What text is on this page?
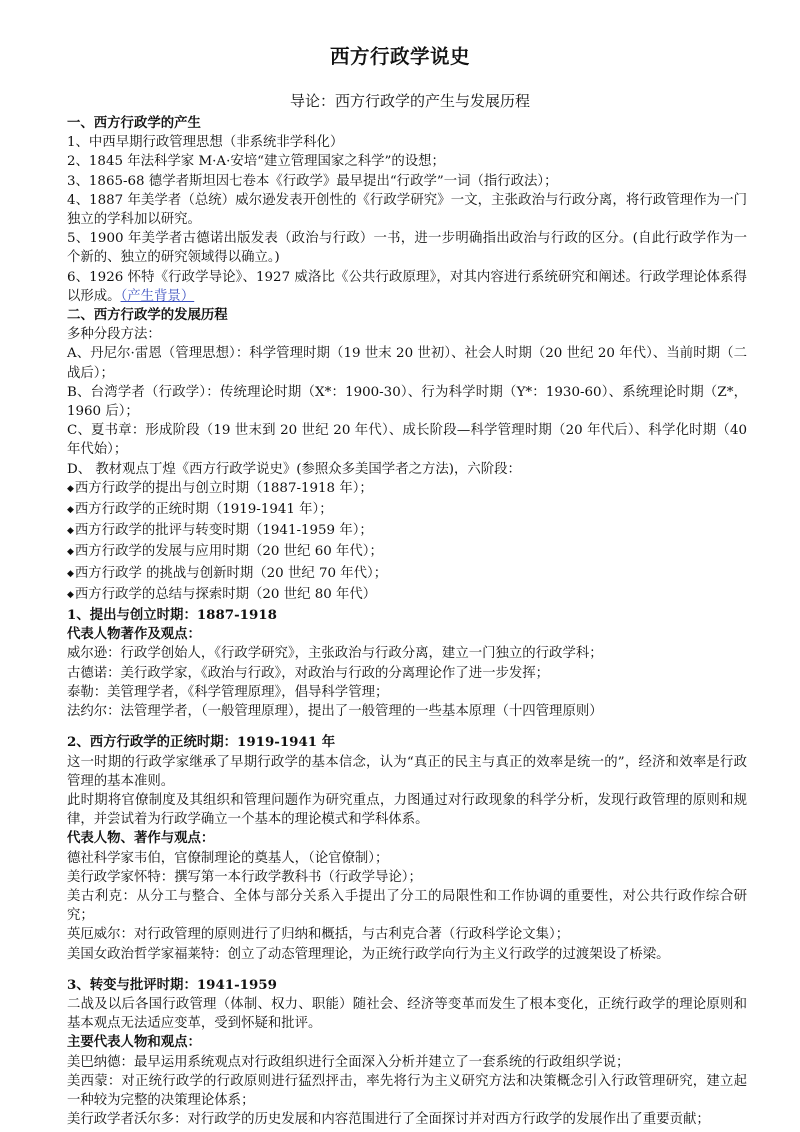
西方行政学说史
导论：西方行政学的产生与发展历程

一、西方行政学的产生

1、中西早期行政管理思想（非系统非学科化）

2、1845 年法科学家 M·A·安培“建立管理国家之科学”的设想；

3、1865-68 德学者斯坦因七卷本《行政学》最早提出“行政学”一词（指行政法）；

4、1887 年美学者（总统）威尔逊发表开创性的《行政学研究》一文，主张政治与行政分离，将行政管理作为一门独立的学科加以研究。

5、1900 年美学者古德诺出版发表（政治与行政）一书，进一步明确指出政治与行政的区分。(自此行政学作为一个新的、独立的研究领域得以确立。)

6、1926 怀特《行政学导论》、1927 威洛比《公共行政原理》，对其内容进行系统研究和阐述。行政学理论体系得以形成。（产生背景）

二、西方行政学的发展历程

多种分段方法：

A、丹尼尔·雷恩（管理思想）：科学管理时期（19 世末 20 世初）、社会人时期（20 世纪 20 年代）、当前时期（二战后）；

B、台湾学者（行政学）：传统理论时期（X*：1900-30）、行为科学时期（Y*：1930-60）、系统理论时期（Z*，1960 后）；

C、夏书章：形成阶段（19 世末到 20 世纪 20 年代）、成长阶段—科学管理时期（20 年代后）、科学化时期（40 年代始）；

D、 教材观点丁煌《西方行政学说史》(参照众多美国学者之方法)，六阶段：

◆西方行政学的提出与创立时期（1887-1918 年）；

◆西方行政学的正统时期（1919-1941 年）；

◆西方行政学的批评与转变时期（1941-1959 年）；

◆西方行政学的发展与应用时期（20 世纪 60 年代）；

◆西方行政学 的挑战与创新时期（20 世纪 70 年代）；

◆西方行政学的总结与探索时期（20 世纪 80 年代）

1、提出与创立时期：1887-1918

代表人物著作及观点：

威尔逊：行政学创始人，《行政学研究》，主张政治与行政分离，建立一门独立的行政学科；

古德诺：美行政学家，《政治与行政》，对政治与行政的分离理论作了进一步发挥；

泰勒：美管理学者，《科学管理原理》，倡导科学管理；

法约尔：法管理学者，（一般管理原理），提出了一般管理的一些基本原理（十四管理原则）

2、西方行政学的正统时期：1919-1941 年

这一时期的行政学家继承了早期行政学的基本信念，认为“真正的民主与真正的效率是统一的”，经济和效率是行政管理的基本准则。

此时期将官僚制度及其组织和管理问题作为研究重点，力图通过对行政现象的科学分析，发现行政管理的原则和规律，并尝试着为行政学确立一个基本的理论模式和学科体系。

代表人物、著作与观点：

德社科学家韦伯，官僚制理论的奠基人，（论官僚制）；

美行政学家怀特：撰写第一本行政学教科书（行政学导论）；

美古利克：从分工与整合、全体与部分关系入手提出了分工的局限性和工作协调的重要性，对公共行政作综合研究；

英厄威尔：对行政管理的原则进行了归纳和概括，与古利克合著（行政科学论文集）；

美国女政治哲学家福莱特：创立了动态管理理论，为正统行政学向行为主义行政学的过渡架设了桥梁。

3、转变与批评时期：1941-1959

二战及以后各国行政管理（体制、权力、职能）随社会、经济等变革而发生了根本变化，正统行政学的理论原则和基本观点无法适应变革，受到怀疑和批评。

主要代表人物和观点：

美巴纳德：最早运用系统观点对行政组织进行全面深入分析并建立了一套系统的行政组织学说；

美西蒙：对正统行政学的行政原则进行猛烈抨击，率先将行为主义研究方法和决策概念引入行政管理研究，建立起一种较为完整的决策理论体系；

美行政学者沃尔多：对行政学的历史发展和内容范围进行了全面探讨并对西方行政学的发展作出了重要贡献；
